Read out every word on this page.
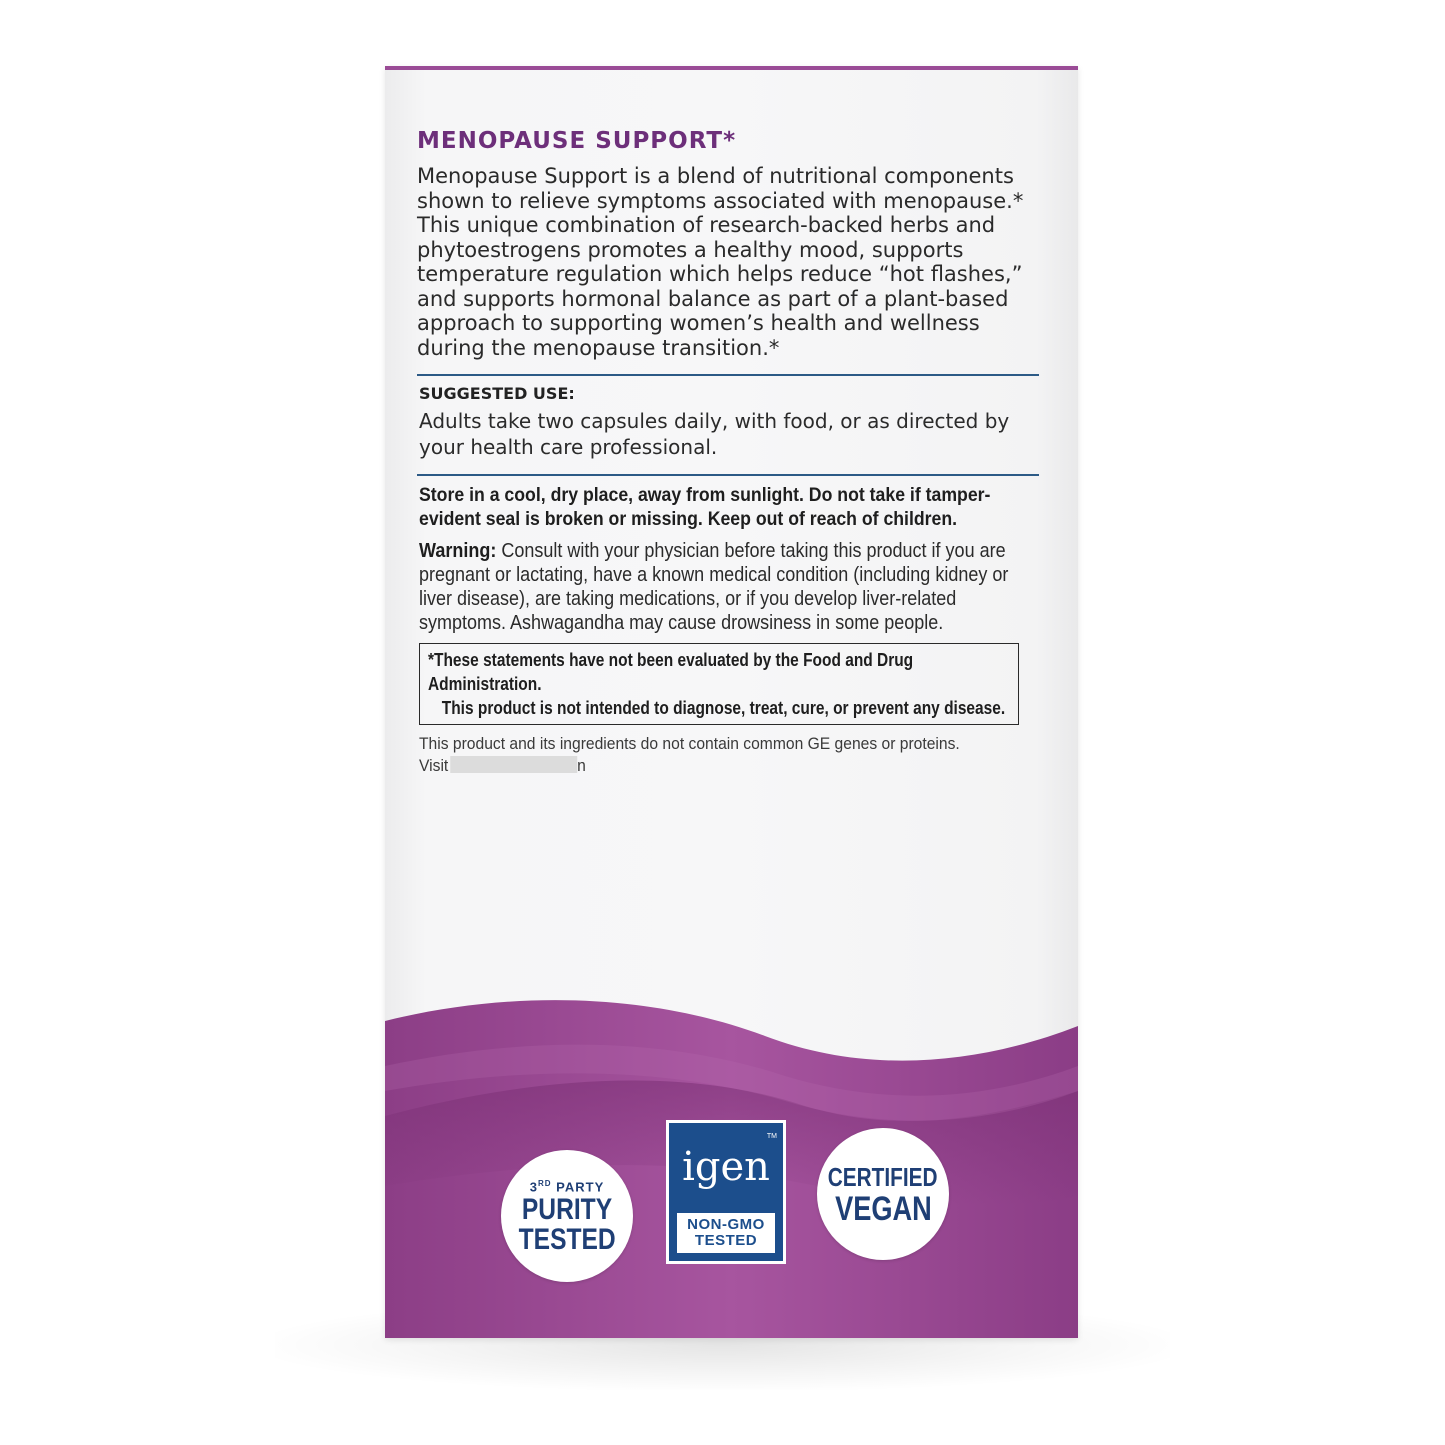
MENOPAUSE SUPPORT*

Menopause Support is a blend of nutritional components shown to relieve symptoms associated with menopause.* This unique combination of research-backed herbs and phytoestrogens promotes a healthy mood, supports temperature regulation which helps reduce “hot flashes,” and supports hormonal balance as part of a plant-based approach to supporting women’s health and wellness during the menopause transition.*

SUGGESTED USE:

Adults take two capsules daily, with food, or as directed by your health care professional.

Store in a cool, dry place, away from sunlight. Do not take if tamper-evident seal is broken or missing. Keep out of reach of children.

Warning: Consult with your physician before taking this product if you are pregnant or lactating, have a known medical condition (including kidney or liver disease), are taking medications, or if you develop liver-related symptoms. Ashwagandha may cause drowsiness in some people.

*These statements have not been evaluated by the Food and Drug Administration.

This product is not intended to diagnose, treat, cure, or prevent any disease.

This product and its ingredients do not contain common GE genes or proteins.

Visit	n

3RD PARTY
PURITY
TESTED
TM
igen
NON-GMO
TESTED
CERTIFIED
VEGAN
